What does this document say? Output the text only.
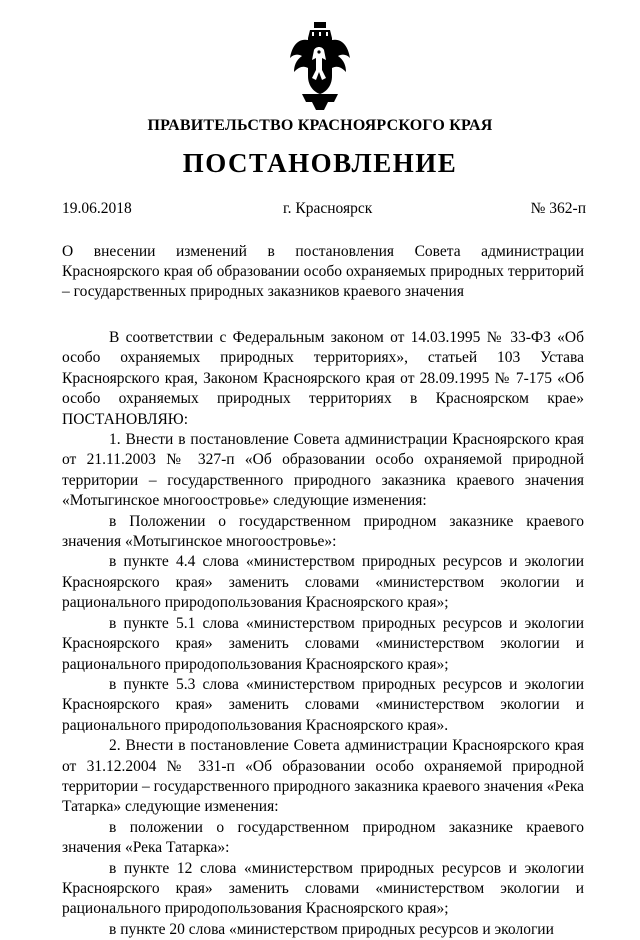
ПРАВИТЕЛЬСТВО КРАСНОЯРСКОГО КРАЯ
ПОСТАНОВЛЕНИЕ
19.06.2018	г. Красноярск	№ 362-п
О внесении изменений в постановления Совета администрации Красноярского края об образовании особо охраняемых природных территорий – государственных природных заказников краевого значения

В соответствии с Федеральным законом от 14.03.1995 № 33-ФЗ «Об особо охраняемых природных территориях», статьей 103 Устава Красноярского края, Законом Красноярского края от 28.09.1995 № 7-175 «Об особо охраняемых природных территориях в Красноярском крае» ПОСТАНОВЛЯЮ:

1. Внести в постановление Совета администрации Красноярского края от 21.11.2003 № 327-п «Об образовании особо охраняемой природной территории – государственного природного заказника краевого значения «Мотыгинское многоостровье» следующие изменения:

в Положении о государственном природном заказнике краевого значения «Мотыгинское многоостровье»:

в пункте 4.4 слова «министерством природных ресурсов и экологии Красноярского края» заменить словами «министерством экологии и рационального природопользования Красноярского края»;

в пункте 5.1 слова «министерством природных ресурсов и экологии Красноярского края» заменить словами «министерством экологии и рационального природопользования Красноярского края»;

в пункте 5.3 слова «министерством природных ресурсов и экологии Красноярского края» заменить словами «министерством экологии и рационального природопользования Красноярского края».

2. Внести в постановление Совета администрации Красноярского края от 31.12.2004 № 331-п «Об образовании особо охраняемой природной территории – государственного природного заказника краевого значения «Река Татарка» следующие изменения:

в положении о государственном природном заказнике краевого значения «Река Татарка»:

в пункте 12 слова «министерством природных ресурсов и экологии Красноярского края» заменить словами «министерством экологии и рационального природопользования Красноярского края»;

в пункте 20 слова «министерством природных ресурсов и экологии
